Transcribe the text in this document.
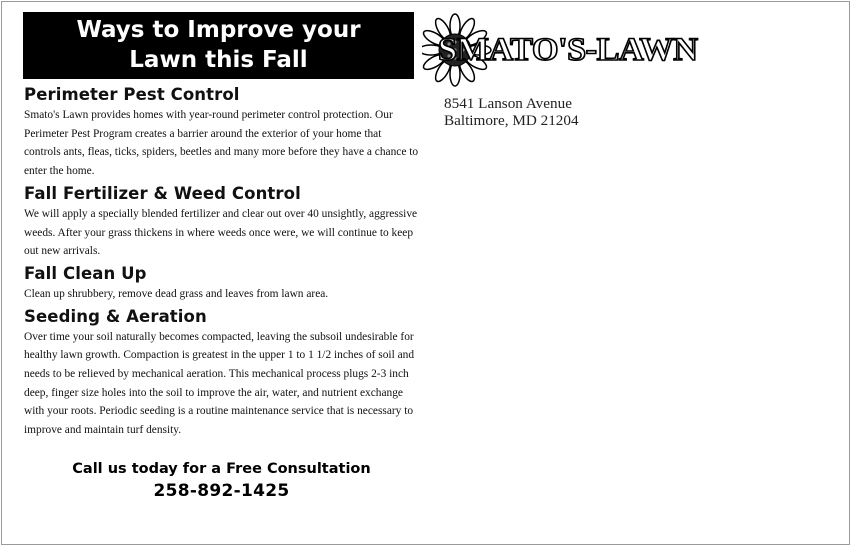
Ways to Improve your
Lawn this Fall
Perimeter Pest Control

Smato's Lawn provides homes with year-round perimeter control protection. Our Perimeter Pest Program creates a barrier around the exterior of your home that controls ants, fleas, ticks, spiders, beetles and many more before they have a chance to enter the home.

Fall Fertilizer & Weed Control

We will apply a specially blended fertilizer and clear out over 40 unsightly, aggressive weeds. After your grass thickens in where weeds once were, we will continue to keep out new arrivals.

Fall Clean Up

Clean up shrubbery, remove dead grass and leaves from lawn area.

Seeding & Aeration

Over time your soil naturally becomes compacted, leaving the subsoil undesirable for healthy lawn growth. Compaction is greatest in the upper 1 to 1 1/2 inches of soil and needs to be relieved by mechanical aeration. This mechanical process plugs 2-3 inch deep, finger size holes into the soil to improve the air, water, and nutrient exchange with your roots. Periodic seeding is a routine maintenance service that is necessary to improve and maintain turf density.

Call us today for a Free Consultation
258-892-1425
SMATO'S-LAWN
8541 Lanson Avenue
Baltimore, MD 21204
